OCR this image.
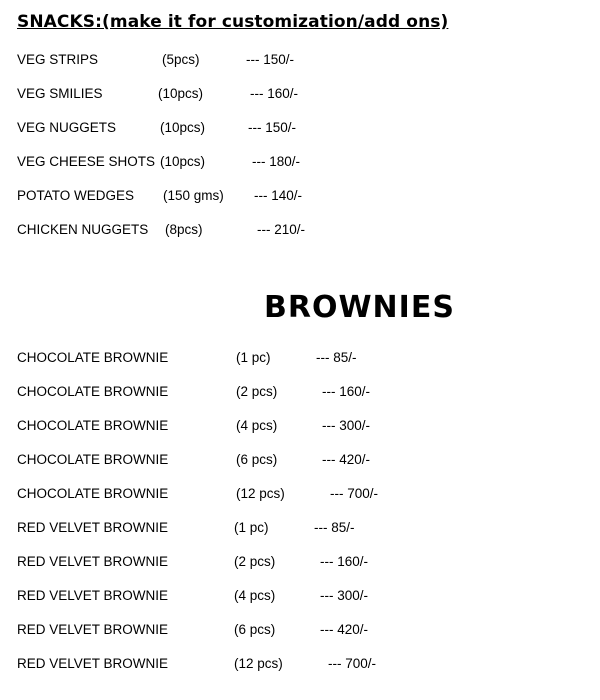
SNACKS:(make it for customization/add ons)
VEG STRIPS	(5pcs)	--- 150/-
VEG SMILIES	(10pcs)	--- 160/-
VEG NUGGETS	(10pcs)	--- 150/-
VEG CHEESE SHOTS (10pcs)	--- 180/-
POTATO WEDGES (150 gms) --- 140/-
CHICKEN NUGGETS (8pcs)	--- 210/-
BROWNIES
CHOCOLATE BROWNIE	(1 pc)	--- 85/-
CHOCOLATE BROWNIE	(2 pcs)	--- 160/-
CHOCOLATE BROWNIE	(4 pcs)	--- 300/-
CHOCOLATE BROWNIE	(6 pcs)	--- 420/-
CHOCOLATE BROWNIE	(12 pcs)	--- 700/-
RED VELVET BROWNIE	(1 pc)	--- 85/-
RED VELVET BROWNIE	(2 pcs)	--- 160/-
RED VELVET BROWNIE	(4 pcs)	--- 300/-
RED VELVET BROWNIE	(6 pcs)	--- 420/-
RED VELVET BROWNIE	(12 pcs)	--- 700/-
